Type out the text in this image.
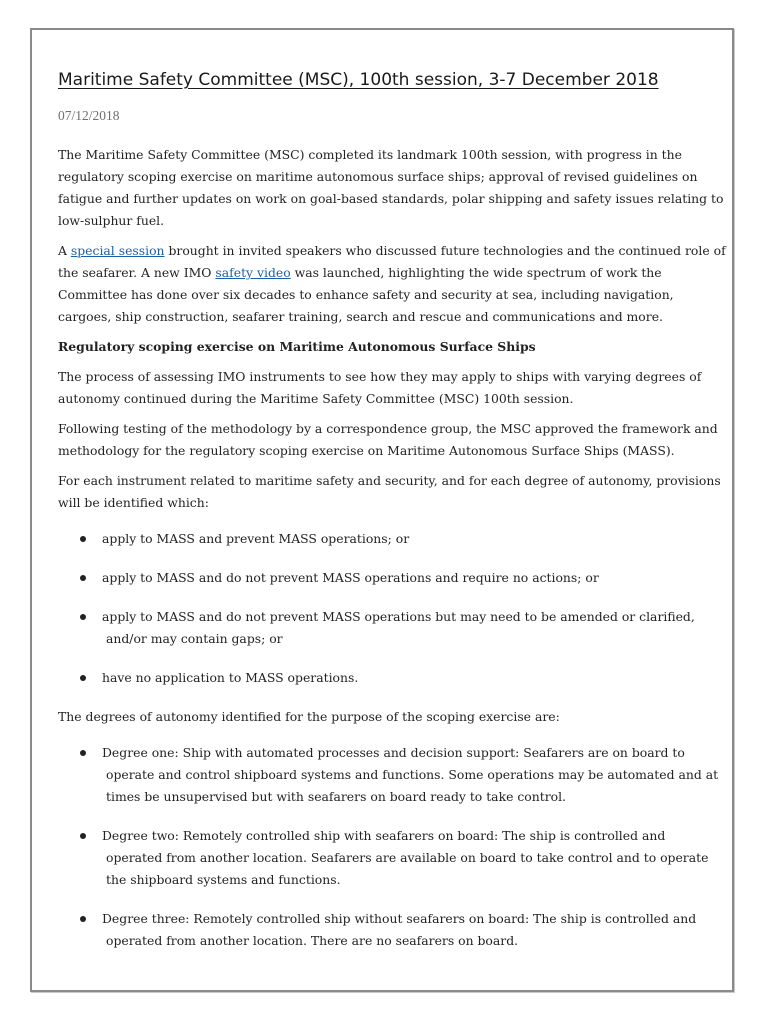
Maritime Safety Committee (MSC), 100th session, 3-7 December 2018
07/12/2018

The Maritime Safety Committee (MSC) completed its landmark 100th session, with progress in the regulatory scoping exercise on maritime autonomous surface ships; approval of revised guidelines on fatigue and further updates on work on goal-based standards, polar shipping and safety issues relating to low-sulphur fuel.

A special session brought in invited speakers who discussed future technologies and the continued role of the seafarer. A new IMO safety video was launched, highlighting the wide spectrum of work the Committee has done over six decades to enhance safety and security at sea, including navigation, cargoes, ship construction, seafarer training, search and rescue and communications and more.

Regulatory scoping exercise on Maritime Autonomous Surface Ships

The process of assessing IMO instruments to see how they may apply to ships with varying degrees of autonomy continued during the Maritime Safety Committee (MSC) 100th session.

Following testing of the methodology by a correspondence group, the MSC approved the framework and methodology for the regulatory scoping exercise on Maritime Autonomous Surface Ships (MASS).

For each instrument related to maritime safety and security, and for each degree of autonomy, provisions will be identified which:

apply to MASS and prevent MASS operations; or
apply to MASS and do not prevent MASS operations and require no actions; or
apply to MASS and do not prevent MASS operations but may need to be amended or clarified,
and/or may contain gaps; or
have no application to MASS operations.

The degrees of autonomy identified for the purpose of the scoping exercise are:

Degree one: Ship with automated processes and decision support: Seafarers are on board to
operate and control shipboard systems and functions. Some operations may be automated and at times be unsupervised but with seafarers on board ready to take control.
Degree two: Remotely controlled ship with seafarers on board: The ship is controlled and
operated from another location. Seafarers are available on board to take control and to operate the shipboard systems and functions.
Degree three: Remotely controlled ship without seafarers on board: The ship is controlled and
operated from another location. There are no seafarers on board.
